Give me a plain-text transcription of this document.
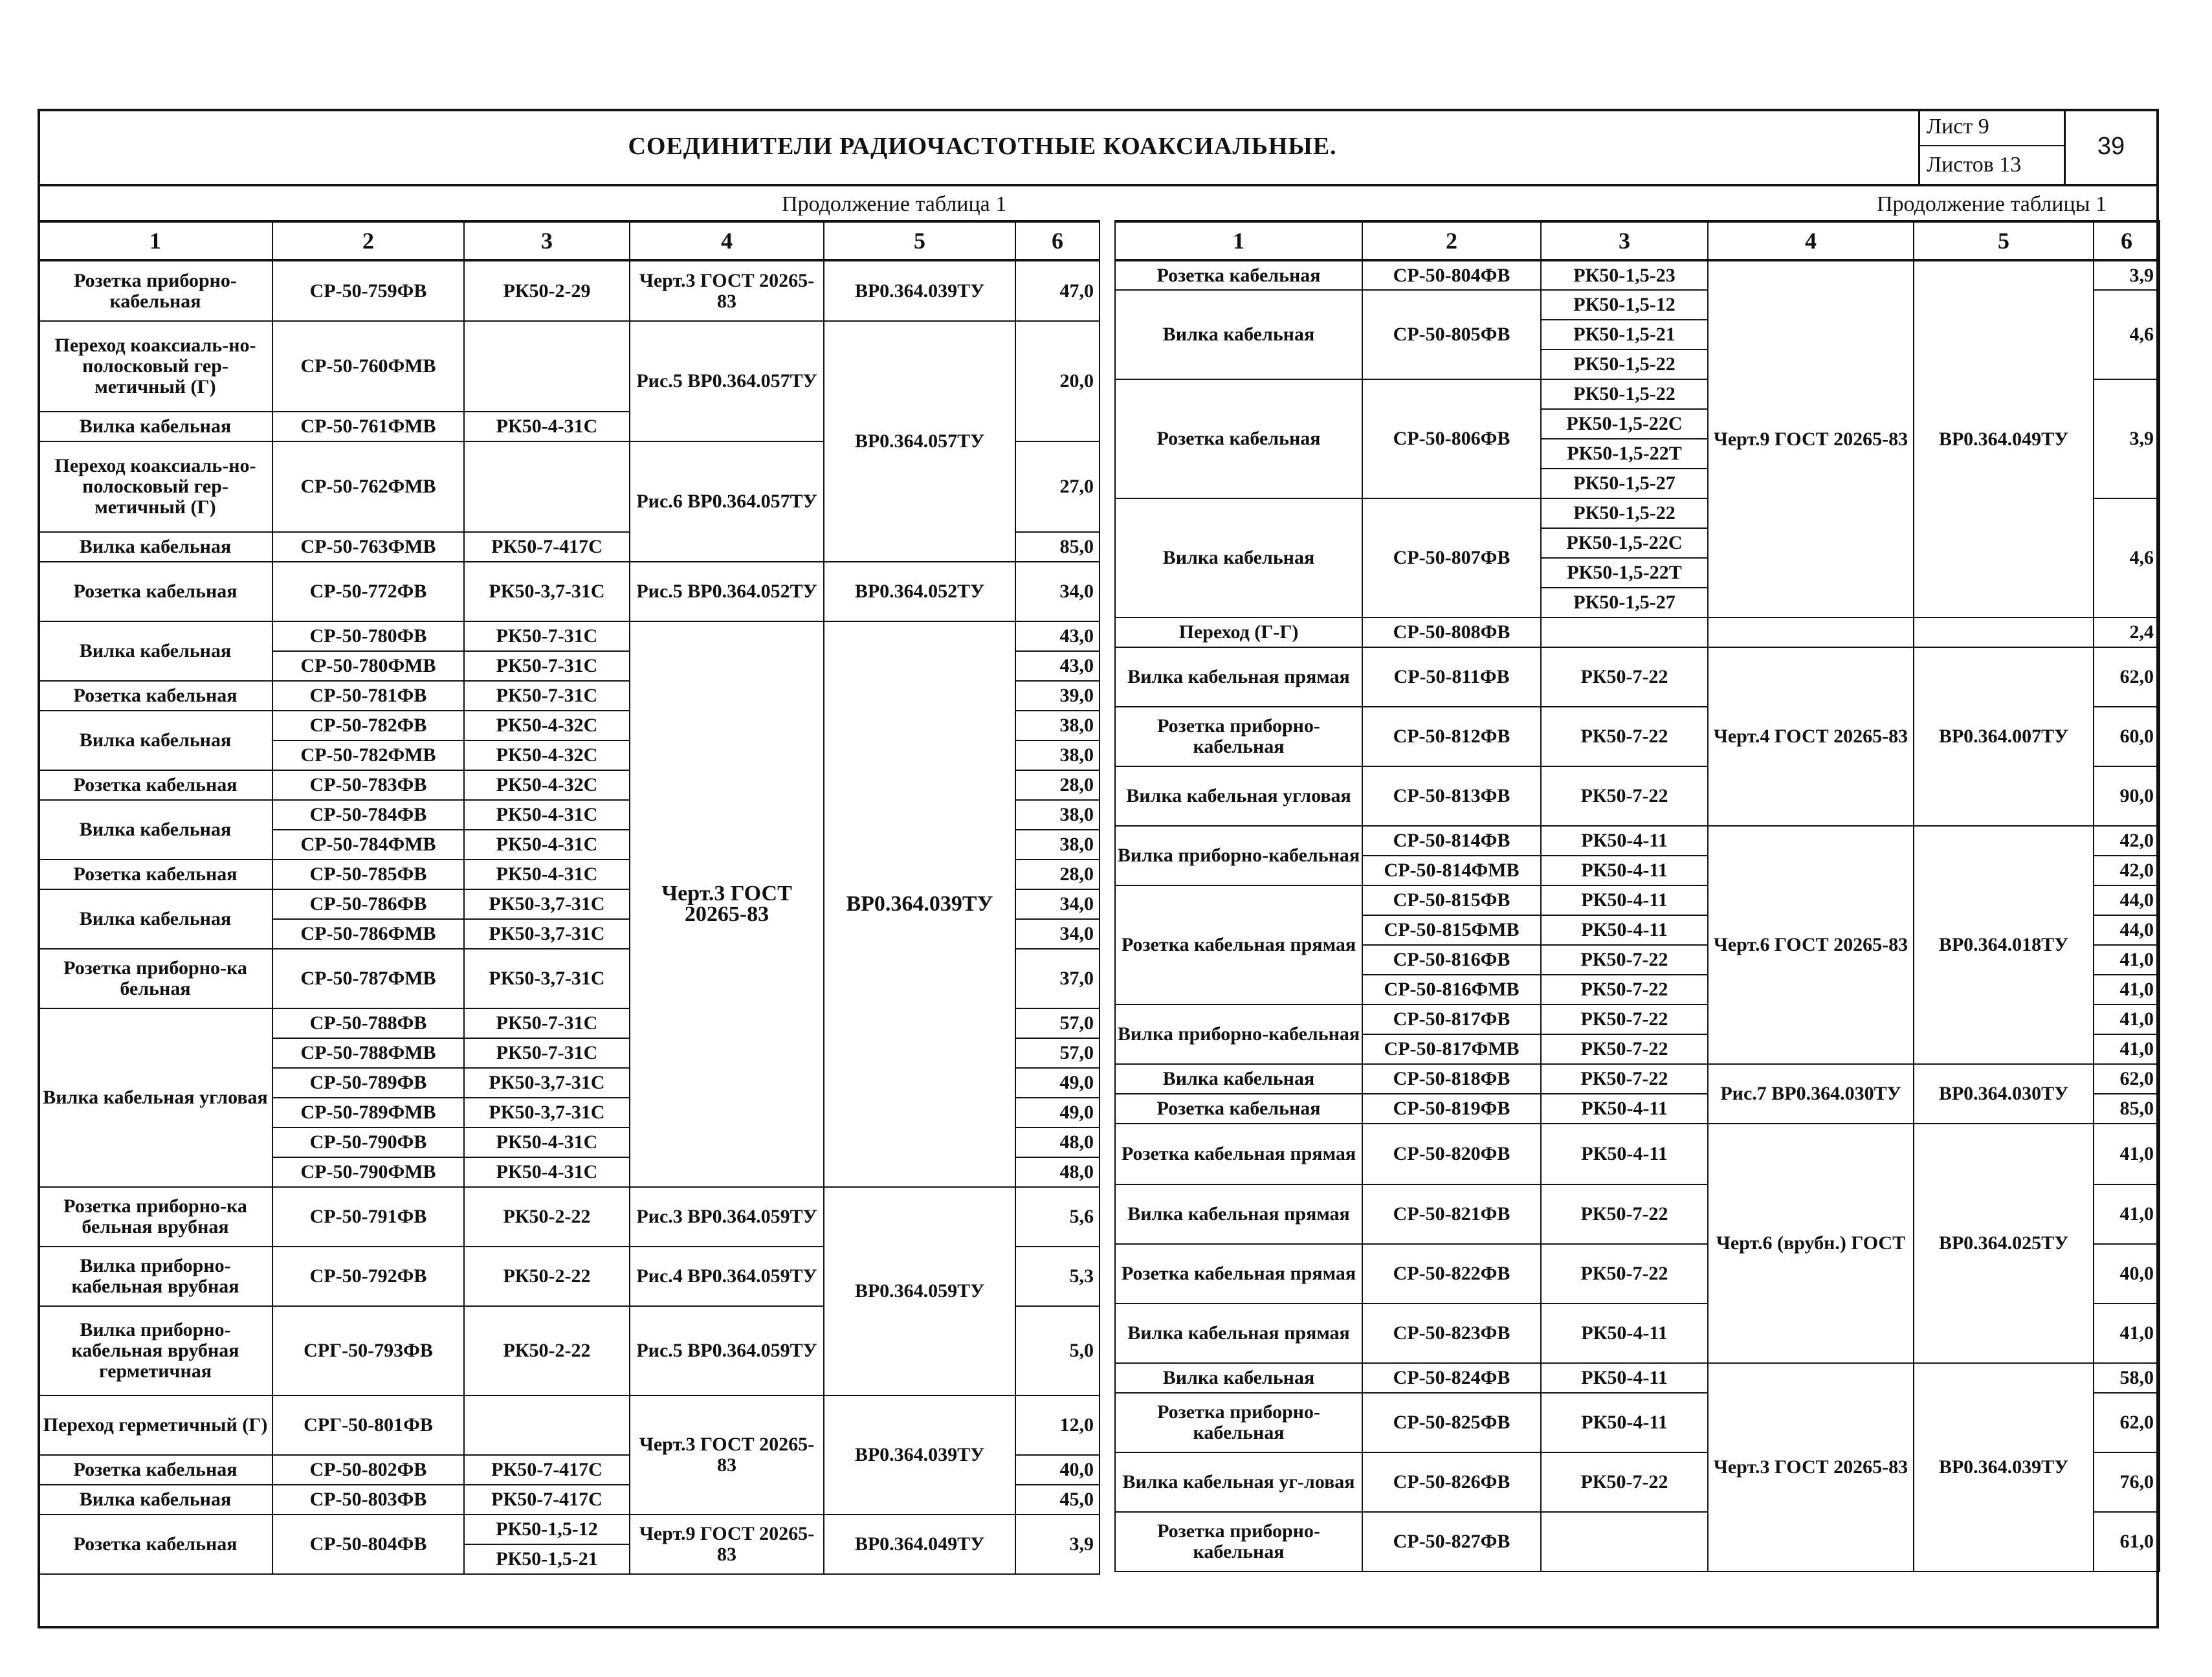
СОЕДИНИТЕЛИ РАДИОЧАСТОТНЫЕ КОАКСИАЛЬНЫЕ.
Лист 9
Листов 13
39
Продолжение таблица 1	Продолжение таблицы 1
1	2	3	4	5	6
Розетка приборно-кабельная	СР-50-759ФВ	РК50-2-29	Черт.3 ГОСТ 20265-83	ВР0.364.039ТУ	47,0
Переход коаксиаль-но-полосковый гер-метичный (Г)	СР-50-760ФМВ		Рис.5 ВР0.364.057ТУ	ВР0.364.057ТУ	20,0
Вилка кабельная	СР-50-761ФМВ	РК50-4-31С			
Переход коаксиаль-но-полосковый гер-метичный (Г)	СР-50-762ФМВ		Рис.6 ВР0.364.057ТУ		27,0
Вилка кабельная	СР-50-763ФМВ	РК50-7-417С			85,0
Розетка кабельная	СР-50-772ФВ	РК50-3,7-31С	Рис.5 ВР0.364.052ТУ	ВР0.364.052ТУ	34,0
Вилка кабельная	СР-50-780ФВ	РК50-7-31С	Черт.3 ГОСТ 20265-83	ВР0.364.039ТУ	43,0
	СР-50-780ФМВ	РК50-7-31С			43,0
Розетка кабельная	СР-50-781ФВ	РК50-7-31С			39,0
Вилка кабельная	СР-50-782ФВ	РК50-4-32С			38,0
	СР-50-782ФМВ	РК50-4-32С			38,0
Розетка кабельная	СР-50-783ФВ	РК50-4-32С			28,0
Вилка кабельная	СР-50-784ФВ	РК50-4-31С			38,0
	СР-50-784ФМВ	РК50-4-31С			38,0
Розетка кабельная	СР-50-785ФВ	РК50-4-31С			28,0
Вилка кабельная	СР-50-786ФВ	РК50-3,7-31С			34,0
	СР-50-786ФМВ	РК50-3,7-31С			34,0
Розетка приборно-ка бельная	СР-50-787ФМВ	РК50-3,7-31С			37,0
Вилка кабельная угловая	СР-50-788ФВ	РК50-7-31С			57,0
	СР-50-788ФМВ	РК50-7-31С			57,0
	СР-50-789ФВ	РК50-3,7-31С			49,0
	СР-50-789ФМВ	РК50-3,7-31С			49,0
	СР-50-790ФВ	РК50-4-31С			48,0
	СР-50-790ФМВ	РК50-4-31С			48,0
Розетка приборно-ка бельная врубная	СР-50-791ФВ	РК50-2-22	Рис.3 ВР0.364.059ТУ	ВР0.364.059ТУ	5,6
Вилка приборно-кабельная врубная	СР-50-792ФВ	РК50-2-22	Рис.4 ВР0.364.059ТУ		5,3
Вилка приборно-кабельная врубная герметичная	СРГ-50-793ФВ	РК50-2-22	Рис.5 ВР0.364.059ТУ		5,0
Переход герметичный (Г)	СРГ-50-801ФВ		Черт.3 ГОСТ 20265-83	ВР0.364.039ТУ	12,0
Розетка кабельная	СР-50-802ФВ	РК50-7-417С			40,0
Вилка кабельная	СР-50-803ФВ	РК50-7-417С			45,0
Розетка кабельная	СР-50-804ФВ	РК50-1,5-12	Черт.9 ГОСТ 20265-83	ВР0.364.049ТУ	3,9
		РК50-1,5-21			
1	2	3	4	5	6
Розетка кабельная	СР-50-804ФВ	РК50-1,5-23	Черт.9 ГОСТ 20265-83	ВР0.364.049ТУ	3,9
Вилка кабельная	СР-50-805ФВ	РК50-1,5-12			4,6
		РК50-1,5-21			
		РК50-1,5-22			
Розетка кабельная	СР-50-806ФВ	РК50-1,5-22			3,9
		РК50-1,5-22С			
		РК50-1,5-22Т			
		РК50-1,5-27			
Вилка кабельная	СР-50-807ФВ	РК50-1,5-22			4,6
		РК50-1,5-22С			
		РК50-1,5-22Т			
		РК50-1,5-27			
Переход (Г-Г)	СР-50-808ФВ				2,4
Вилка кабельная прямая	СР-50-811ФВ	РК50-7-22	Черт.4 ГОСТ 20265-83	ВР0.364.007ТУ	62,0
Розетка приборно-кабельная	СР-50-812ФВ	РК50-7-22			60,0
Вилка кабельная угловая	СР-50-813ФВ	РК50-7-22			90,0
Вилка приборно-кабельная	СР-50-814ФВ	РК50-4-11	Черт.6 ГОСТ 20265-83	ВР0.364.018ТУ	42,0
	СР-50-814ФМВ	РК50-4-11			42,0
Розетка кабельная прямая	СР-50-815ФВ	РК50-4-11			44,0
	СР-50-815ФМВ	РК50-4-11			44,0
	СР-50-816ФВ	РК50-7-22			41,0
	СР-50-816ФМВ	РК50-7-22			41,0
Вилка приборно-кабельная	СР-50-817ФВ	РК50-7-22			41,0
	СР-50-817ФМВ	РК50-7-22			41,0
Вилка кабельная	СР-50-818ФВ	РК50-7-22	Рис.7 ВР0.364.030ТУ	ВР0.364.030ТУ	62,0
Розетка кабельная	СР-50-819ФВ	РК50-4-11			85,0
Розетка кабельная прямая	СР-50-820ФВ	РК50-4-11	Черт.6 (врубн.) ГОСТ	ВР0.364.025ТУ	41,0
Вилка кабельная прямая	СР-50-821ФВ	РК50-7-22			41,0
Розетка кабельная прямая	СР-50-822ФВ	РК50-7-22			40,0
Вилка кабельная прямая	СР-50-823ФВ	РК50-4-11			41,0
Вилка кабельная	СР-50-824ФВ	РК50-4-11	Черт.3 ГОСТ 20265-83	ВР0.364.039ТУ	58,0
Розетка приборно-кабельная	СР-50-825ФВ	РК50-4-11			62,0
Вилка кабельная уг-ловая	СР-50-826ФВ	РК50-7-22			76,0
Розетка приборно-кабельная	СР-50-827ФВ				61,0
